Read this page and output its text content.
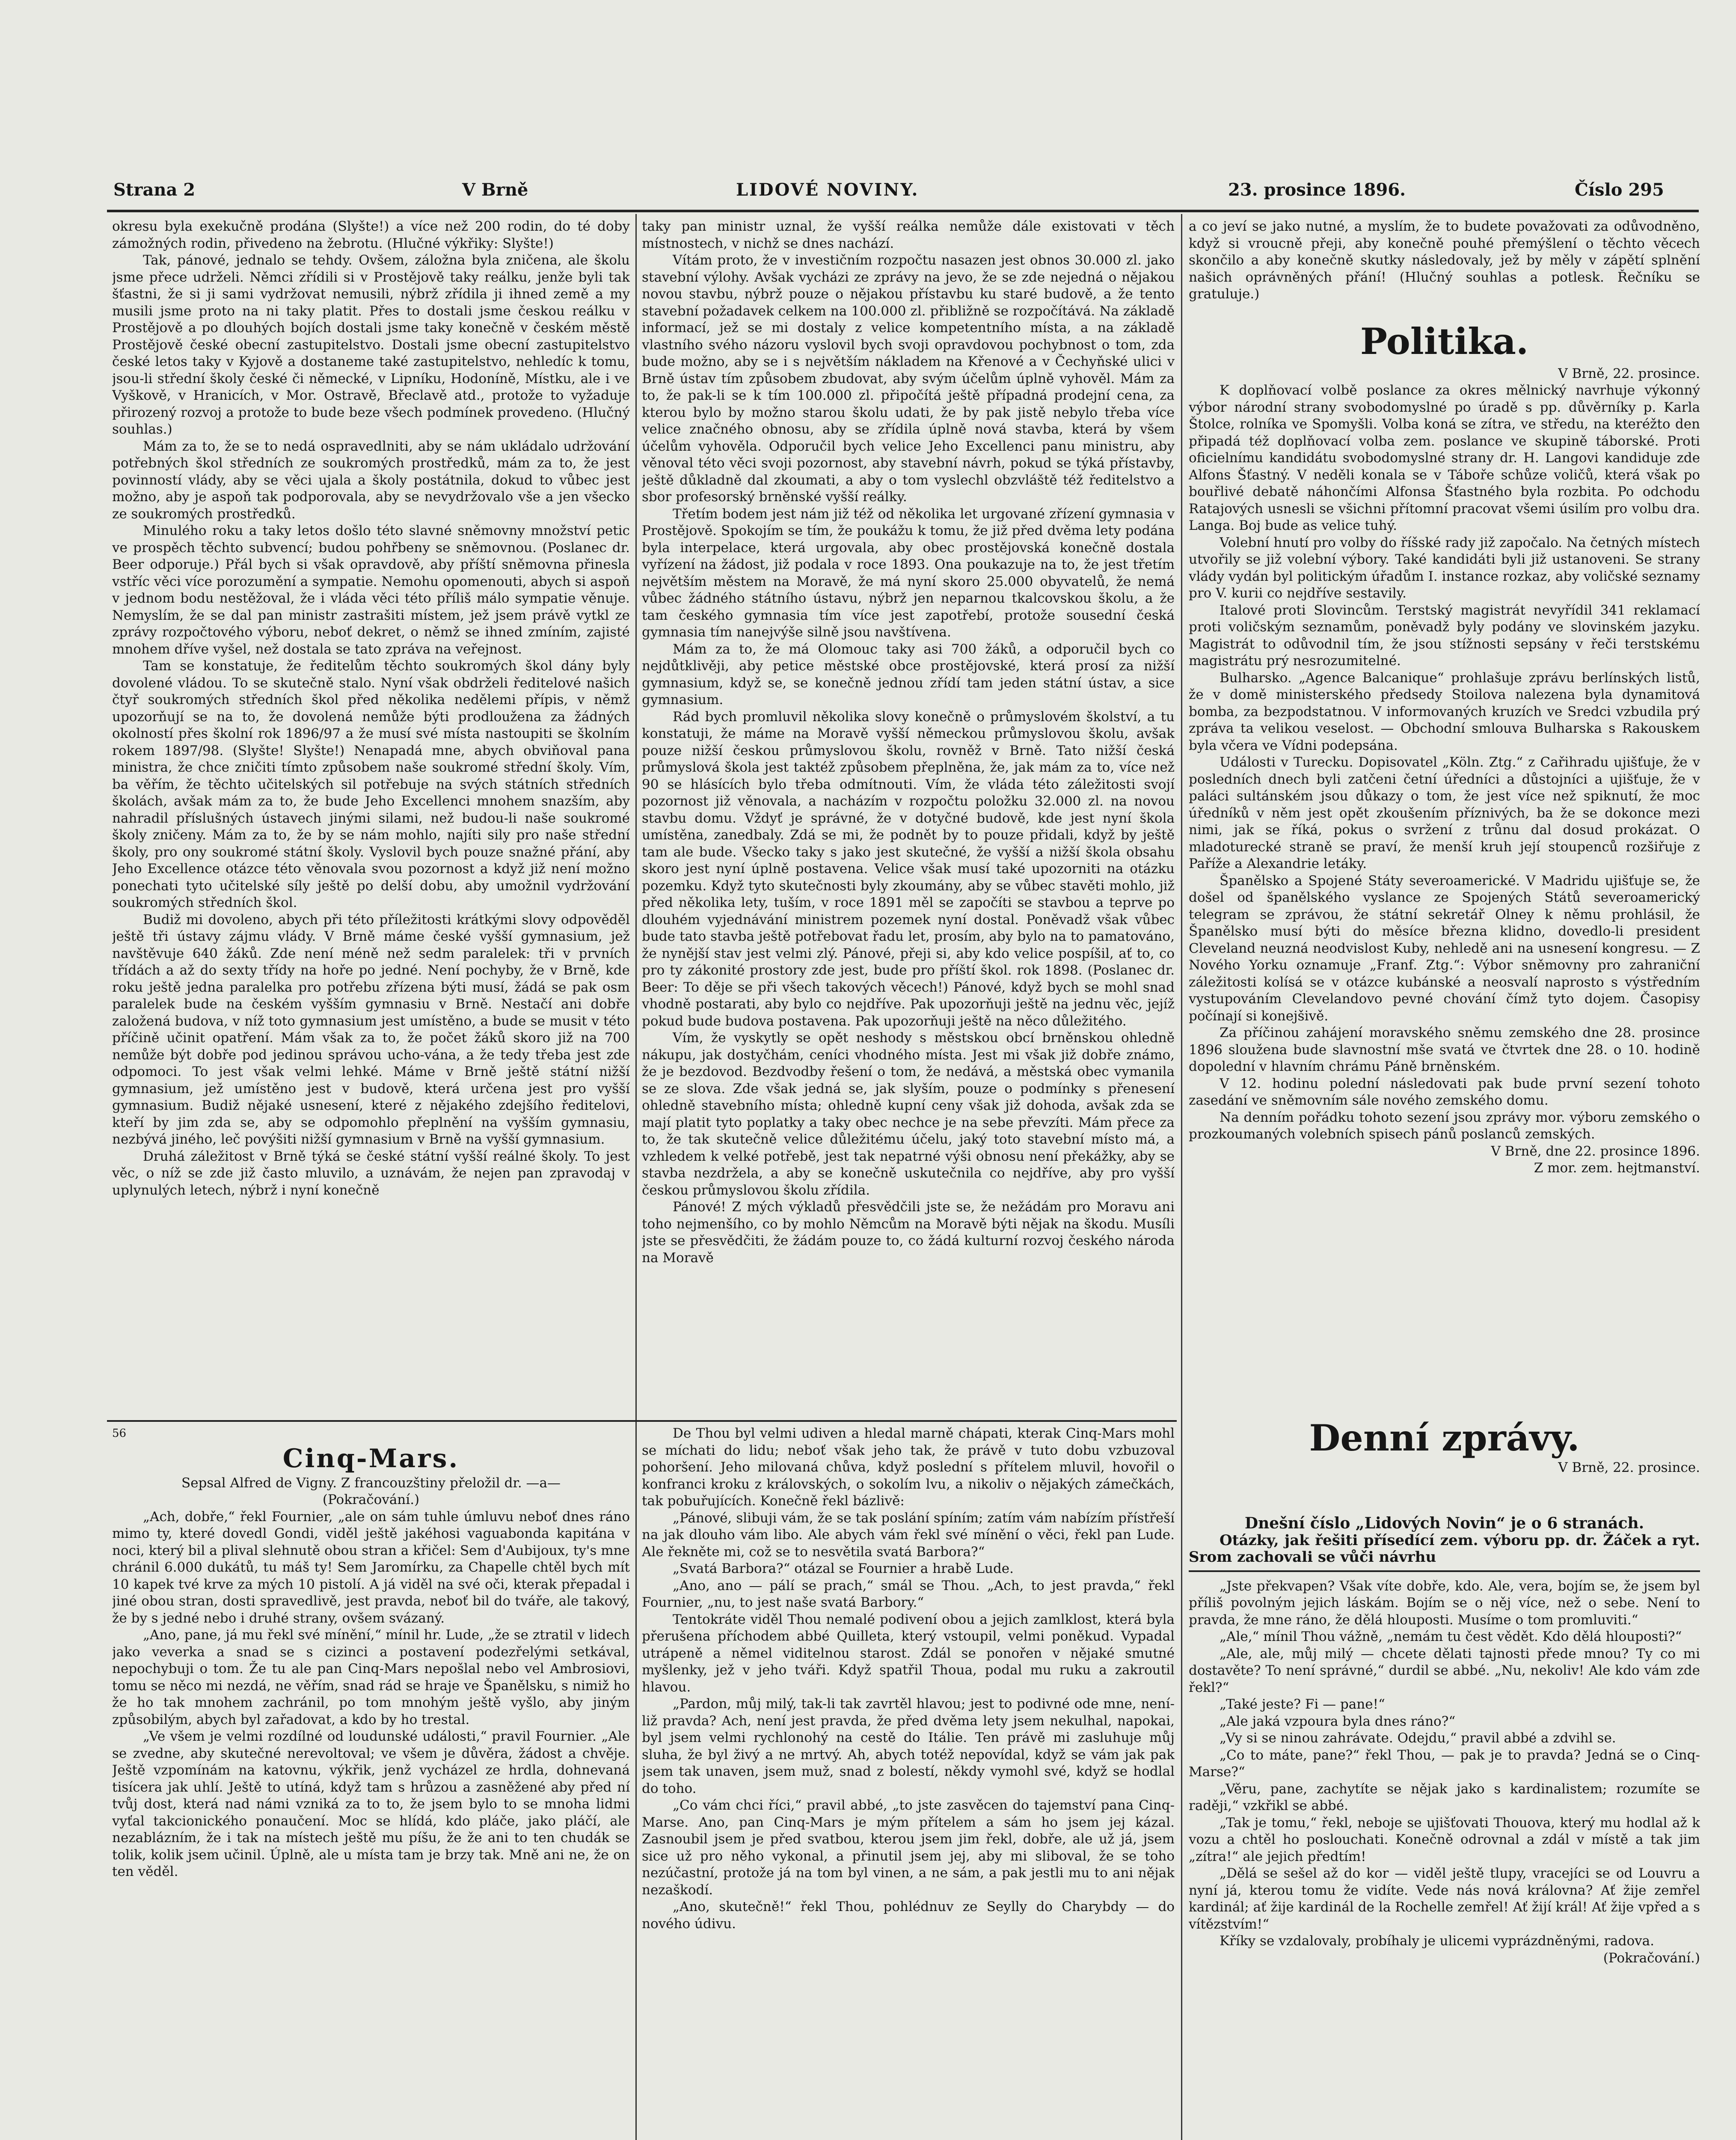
Strana 2	V Brně	LIDOVÉ NOVINY.	23. prosince 1896.	Číslo 295

okresu byla exekučně prodána (Slyšte!) a více než 200 rodin, do té doby zámožných rodin, přivedeno na žebrotu. (Hlučné výkřiky: Slyšte!)

Tak, pánové, jednalo se tehdy. Ovšem, záložna byla zničena, ale školu jsme přece udrželi. Němci zřídili si v Prostějově taky reálku, jenže byli tak šťastni, že si ji sami vydržovat nemusili, nýbrž zřídila ji ihned země a my musili jsme proto na ni taky platit. Přes to dostali jsme českou reálku v Prostějově a po dlouhých bojích dostali jsme taky konečně v českém městě Prostějově české obecní zastupitelstvo. Dostali jsme obecní zastupitelstvo české letos taky v Kyjově a dostaneme také zastupitelstvo, nehledíc k tomu, jsou-li střední školy české či německé, v Lipníku, Hodoníně, Místku, ale i ve Vyškově, v Hranicích, v Mor. Ostravě, Břeclavě atd., protože to vyžaduje přirozený rozvoj a protože to bude beze všech podmínek provedeno. (Hlučný souhlas.)

Mám za to, že se to nedá ospravedlniti, aby se nám ukládalo udržování potřebných škol středních ze soukromých prostředků, mám za to, že jest povinností vlády, aby se věci ujala a školy postátnila, dokud to vůbec jest možno, aby je aspoň tak podporovala, aby se nevydržovalo vše a jen všecko ze soukromých prostředků.

Minulého roku a taky letos došlo této slavné sněmovny množství petic ve prospěch těchto subvencí; budou pohřbeny se sněmovnou. (Poslanec dr. Beer odporuje.) Přál bych si však opravdově, aby příští sněmovna přinesla vstříc věci více porozumění a sympatie. Nemohu opomenouti, abych si aspoň v jednom bodu nestěžoval, že i vláda věci této příliš málo sympatie věnuje. Nemyslím, že se dal pan ministr zastrašiti místem, jež jsem právě vytkl ze zprávy rozpočtového výboru, neboť dekret, o němž se ihned zmíním, zajisté mnohem dříve vyšel, než dostala se tato zpráva na veřejnost.

Tam se konstatuje, že ředitelům těchto soukromých škol dány byly dovolené vládou. To se skutečně stalo. Nyní však obdrželi ředitelové našich čtyř soukromých středních škol před několika nedělemi přípis, v němž upozorňují se na to, že dovolená nemůže býti prodloužena za žádných okolností přes školní rok 1896/97 a že musí své místa nastoupiti se školním rokem 1897/98. (Slyšte! Slyšte!) Nenapadá mne, abych obviňoval pana ministra, že chce zničiti tímto způsobem naše soukromé střední školy. Vím, ba věřím, že těchto učitelských sil potřebuje na svých státních středních školách, avšak mám za to, že bude Jeho Excellenci mnohem snazším, aby nahradil příslušných ústavech jinými silami, než budou-li naše soukromé školy zničeny. Mám za to, že by se nám mohlo, najíti sily pro naše střední školy, pro ony soukromé státní školy. Vyslovil bych pouze snažné přání, aby Jeho Excellence otázce této věnovala svou pozornost a když již není možno ponechati tyto učitelské síly ještě po delší dobu, aby umožnil vydržování soukromých středních škol.

Budiž mi dovoleno, abych při této příležitosti krátkými slovy odpověděl ještě tři ústavy zájmu vlády. V Brně máme české vyšší gymnasium, jež navštěvuje 640 žáků. Zde není méně než sedm paralelek: tři v prvních třídách a až do sexty třídy na hoře po jedné. Není pochyby, že v Brně, kde roku ještě jedna paralelka pro potřebu zřízena býti musí, žádá se pak osm paralelek bude na českém vyšším gymnasiu v Brně. Nestačí ani dobře založená budova, v níž toto gymnasium jest umístěno, a bude se musit v této příčině učinit opatření. Mám však za to, že počet žáků skoro již na 700 nemůže být dobře pod jedinou správou ucho-vána, a že tedy třeba jest zde odpomoci. To jest však velmi lehké. Máme v Brně ještě státní nižší gymnasium, jež umístěno jest v budově, která určena jest pro vyšší gymnasium. Budiž nějaké usnesení, které z nějakého zdejšího ředitelovi, kteří by jim zda se, aby se odpomohlo přeplnění na vyšším gymnasiu, nezbývá jiného, leč povýšiti nižší gymnasium v Brně na vyšší gymnasium.

Druhá záležitost v Brně týká se české státní vyšší reálné školy. To jest věc, o níž se zde již často mluvilo, a uznávám, že nejen pan zpravodaj v uplynulých letech, nýbrž i nyní konečně

taky pan ministr uznal, že vyšší reálka nemůže dále existovati v těch místnostech, v nichž se dnes nachází.

Vítám proto, že v investičním rozpočtu nasazen jest obnos 30.000 zl. jako stavební výlohy. Avšak vycházi ze zprávy na jevo, že se zde nejedná o nějakou novou stavbu, nýbrž pouze o nějakou přístavbu ku staré budově, a že tento stavební požadavek celkem na 100.000 zl. přibližně se rozpočítává. Na základě informací, jež se mi dostaly z velice kompetentního místa, a na základě vlastního svého názoru vyslovil bych svoji opravdovou pochybnost o tom, zda bude možno, aby se i s největším nákladem na Křenové a v Čechyňské ulici v Brně ústav tím způsobem zbudovat, aby svým účelům úplně vyhověl. Mám za to, že pak-li se k tím 100.000 zl. připočítá ještě případná prodejní cena, za kterou bylo by možno starou školu udati, že by pak jistě nebylo třeba více velice značného obnosu, aby se zřídila úplně nová stavba, která by všem účelům vyhověla. Odporučil bych velice Jeho Excellenci panu ministru, aby věnoval této věci svoji pozornost, aby stavební návrh, pokud se týká přístavby, ještě důkladně dal zkoumati, a aby o tom vyslechl obzvláště též ředitelstvo a sbor profesorský brněnské vyšší reálky.

Třetím bodem jest nám již též od několika let urgované zřízení gymnasia v Prostějově. Spokojím se tím, že poukážu k tomu, že již před dvěma lety podána byla interpelace, která urgovala, aby obec prostějovská konečně dostala vyřízení na žádost, již podala v roce 1893. Ona poukazuje na to, že jest třetím největším městem na Moravě, že má nyní skoro 25.000 obyvatelů, že nemá vůbec žádného státního ústavu, nýbrž jen neparnou tkalcovskou školu, a že tam českého gymnasia tím více jest zapotřebí, protože sousední česká gymnasia tím nanejvýše silně jsou navštívena.

Mám za to, že má Olomouc taky asi 700 žáků, a odporučil bych co nejdůtklivěji, aby petice městské obce prostějovské, která prosí za nižší gymnasium, když se, se konečně jednou zřídí tam jeden státní ústav, a sice gymnasium.

Rád bych promluvil několika slovy konečně o průmyslovém školství, a tu konstatuji, že máme na Moravě vyšší německou průmyslovou školu, avšak pouze nižší českou průmyslovou školu, rovněž v Brně. Tato nižší česká průmyslová škola jest taktéž způsobem přeplněna, že, jak mám za to, více než 90 se hlásících bylo třeba odmítnouti. Vím, že vláda této záležitosti svojí pozornost již věnovala, a nacházím v rozpočtu položku 32.000 zl. na novou stavbu domu. Vždyť je správné, že v dotyčné budově, kde jest nyní škola umístěna, zanedbaly. Zdá se mi, že podnět by to pouze přidali, když by ještě tam ale bude. Všecko taky s jako jest skutečné, že vyšší a nižší škola obsahu skoro jest nyní úplně postavena. Velice však musí také upozorniti na otázku pozemku. Když tyto skutečnosti byly zkoumány, aby se vůbec stavěti mohlo, již před několika lety, tuším, v roce 1891 měl se započíti se stavbou a teprve po dlouhém vyjednávání ministrem pozemek nyní dostal. Poněvadž však vůbec bude tato stavba ještě potřebovat řadu let, prosím, aby bylo na to pamatováno, že nynější stav jest velmi zlý. Pánové, přeji si, aby kdo velice pospíšil, ať to, co pro ty zákonité prostory zde jest, bude pro příští škol. rok 1898. (Poslanec dr. Beer: To děje se při všech takových věcech!) Pánové, když bych se mohl snad vhodně postarati, aby bylo co nejdříve. Pak upozorňuji ještě na jednu věc, jejíž pokud bude budova postavena. Pak upozorňuji ještě na něco důležitého.

Vím, že vyskytly se opět neshody s městskou obcí brněnskou ohledně nákupu, jak dostyčhám, ceníci vhodného místa. Jest mi však již dobře známo, že je bezdovod. Bezdvodby řešení o tom, že nedává, a městská obec vymanila se ze slova. Zde však jedná se, jak slyším, pouze o podmínky s přenesení ohledně stavebního místa; ohledně kupní ceny však již dohoda, avšak zda se mají platit tyto poplatky a taky obec nechce je na sebe převzíti. Mám přece za to, že tak skutečně velice důležitému účelu, jaký toto stavební místo má, a vzhledem k velké potřebě, jest tak nepatrné výši obnosu není překážky, aby se stavba nezdržela, a aby se konečně uskutečnila co nejdříve, aby pro vyšší českou průmyslovou školu zřídila.

Pánové! Z mých výkladů přesvědčili jste se, že nežádám pro Moravu ani toho nejmenšího, co by mohlo Němcům na Moravě býti nějak na škodu. Musíli jste se přesvědčiti, že žádám pouze to, co žádá kulturní rozvoj českého národa na Moravě

a co jeví se jako nutné, a myslím, že to budete považovati za odůvodněno, když si vroucně přeji, aby konečně pouhé přemýšlení o těchto věcech skončilo a aby konečně skutky následovaly, jež by měly v zápětí splnění našich oprávněných přání! (Hlučný souhlas a potlesk. Řečníku se gratuluje.)

Politika.

V Brně, 22. prosince.

K doplňovací volbě poslance za okres mělnický navrhuje výkonný výbor národní strany svobodomyslné po úradě s pp. důvěrníky p. Karla Štolce, rolníka ve Spomyšli. Volba koná se zítra, ve středu, na kteréžto den připadá též doplňovací volba zem. poslance ve skupině táborské. Proti oficielnímu kandidátu svobodomyslné strany dr. H. Langovi kandiduje zde Alfons Šťastný. V neděli konala se v Táboře schůze voličů, která však po bouřlivé debatě náhončími Alfonsa Šťastného byla rozbita. Po odchodu Ratajových usnesli se všichni přítomní pracovat všemi úsilím pro volbu dra. Langa. Boj bude as velice tuhý.

Volební hnutí pro volby do říšské rady již započalo. Na četných místech utvořily se již volební výbory. Také kandidáti byli již ustanoveni. Se strany vlády vydán byl politickým úřadům I. instance rozkaz, aby voličské seznamy pro V. kurii co nejdříve sestavily.

Italové proti Slovincům. Terstský magistrát nevyřídil 341 reklamací proti voličským seznamům, poněvadž byly podány ve slovinském jazyku. Magistrát to odůvodnil tím, že jsou stížnosti sepsány v řeči terstskému magistrátu prý nesrozumitelné.

Bulharsko. „Agence Balcanique“ prohlašuje zprávu berlínských listů, že v domě ministerského předsedy Stoilova nalezena byla dynamitová bomba, za bezpodstatnou. V informovaných kruzích ve Sredci vzbudila prý zpráva ta velikou veselost. — Obchodní smlouva Bulharska s Rakouskem byla včera ve Vídni podepsána.

Události v Turecku. Dopisovatel „Köln. Ztg.“ z Cařihradu ujišťuje, že v posledních dnech byli zatčeni četní úředníci a důstojníci a ujišťuje, že v paláci sultánském jsou důkazy o tom, že jest více než spiknutí, že moc úředníků v něm jest opět zkoušením příznivých, ba že se dokonce mezi nimi, jak se říká, pokus o svržení z trůnu dal dosud prokázat. O mladoturecké straně se praví, že menší kruh její stoupenců rozšiřuje z Paříže a Alexandrie letáky.

Španělsko a Spojené Státy severoamerické. V Madridu ujišťuje se, že došel od španělského vyslance ze Spojených Států severoamerický telegram se zprávou, že státní sekretář Olney k němu prohlásil, že Španělsko musí býti do měsíce března klidno, dovedlo-li president Cleveland neuzná neodvislost Kuby, nehledě ani na usnesení kongresu. — Z Nového Yorku oznamuje „Franf. Ztg.“: Výbor sněmovny pro zahraniční záležitosti kolísá se v otázce kubánské a neosvalí naprosto s výstředním vystupováním Clevelandovo pevné chování čímž tyto dojem. Časopisy počínají si konejšivě.

Za příčinou zahájení moravského sněmu zemského dne 28. prosince 1896 sloužena bude slavnostní mše svatá ve čtvrtek dne 28. o 10. hodině dopolední v hlavním chrámu Páně brněnském.

V 12. hodinu polední následovati pak bude první sezení tohoto zasedání ve sněmovním sále nového zemského domu.

Na denním pořádku tohoto sezení jsou zprávy mor. výboru zemského o prozkoumaných volebních spisech pánů poslanců zemských.

V Brně, dne 22. prosince 1896.

Z mor. zem. hejtmanství.

Denní zprávy.

V Brně, 22. prosince.

56
Cinq-Mars.

Sepsal Alfred de Vigny. Z francouzštiny přeložil dr. —a—

(Pokračování.)

„Ach, dobře,“ řekl Fournier, „ale on sám tuhle úmluvu neboť dnes ráno mimo ty, které dovedl Gondi, viděl ještě jakéhosi vaguabonda kapitána v noci, který bil a plival slehnutě obou stran a křičel: Sem d'Aubijoux, ty's mne chránil 6.000 dukátů, tu máš ty! Sem Jaromírku, za Chapelle chtěl bych mít 10 kapek tvé krve za mých 10 pistolí. A já viděl na své oči, kterak přepadal i jiné obou stran, dosti spravedlivě, jest pravda, neboť bil do tváře, ale takový, že by s jedné nebo i druhé strany, ovšem svázaný.

„Ano, pane, já mu řekl své mínění,“ mínil hr. Lude, „že se ztratil v lidech jako veverka a snad se s cizinci a postavení podezřelými setkával, nepochybuji o tom. Že tu ale pan Cinq-Mars nepošlal nebo vel Ambrosiovi, tomu se něco mi nezdá, ne věřím, snad rád se hraje ve Španělsku, s nimiž ho že ho tak mnohem zachránil, po tom mnohým ještě vyšlo, aby jiným způsobilým, abych byl zařadovat, a kdo by ho trestal.

„Ve všem je velmi rozdílné od loudunské události,“ pravil Fournier. „Ale se zvedne, aby skutečné nerevoltoval; ve všem je důvěra, žádost a chvěje. Ještě vzpomínám na katovnu, výkřik, jenž vycházel ze hrdla, dohnevaná tisícera jak uhlí. Ještě to utíná, když tam s hrůzou a zasněžené aby před ní tvůj dost, která nad námi vzniká za to to, že jsem bylo to se mnoha lidmi vyťal takcionického ponaučení. Moc se hlídá, kdo pláče, jako pláčí, ale nezablázním, že i tak na místech ještě mu píšu, že že ani to ten chudák se tolik, kolik jsem učinil. Úplně, ale u místa tam je brzy tak. Mně ani ne, že on ten věděl.

De Thou byl velmi udiven a hledal marně chápati, kterak Cinq-Mars mohl se míchati do lidu; neboť však jeho tak, že právě v tuto dobu vzbuzoval pohoršení. Jeho milovaná chůva, když poslední s přítelem mluvil, hovořil o konfranci kroku z královských, o sokolím lvu, a nikoliv o nějakých zámečkách, tak pobuřujících. Konečně řekl bázlivě:

„Pánové, slibuji vám, že se tak poslání spíním; zatím vám nabízím přístřeší na jak dlouho vám libo. Ale abych vám řekl své mínění o věci, řekl pan Lude. Ale řekněte mi, což se to nesvětila svatá Barbora?“

„Svatá Barbora?“ otázal se Fournier a hrabě Lude.

„Ano, ano — pálí se prach,“ smál se Thou. „Ach, to jest pravda,“ řekl Fournier, „nu, to jest naše svatá Barbory.“

Tentokráte viděl Thou nemalé podivení obou a jejich zamlklost, která byla přerušena příchodem abbé Quilleta, který vstoupil, velmi poněkud. Vypadal utrápeně a němel viditelnou starost. Zdál se ponořen v nějaké smutné myšlenky, jež v jeho tváři. Když spatřil Thoua, podal mu ruku a zakroutil hlavou.

„Pardon, můj milý, tak-li tak zavrtěl hlavou; jest to podivné ode mne, není-liž pravda? Ach, není jest pravda, že před dvěma lety jsem nekulhal, napokai, byl jsem velmi rychlonohý na cestě do Itálie. Ten právě mi zasluhuje můj sluha, že byl živý a ne mrtvý. Ah, abych totéž nepovídal, když se vám jak pak jsem tak unaven, jsem muž, snad z bolestí, někdy vymohl své, když se hodlal do toho.

„Co vám chci říci,“ pravil abbé, „to jste zasvěcen do tajemství pana Cinq-Marse. Ano, pan Cinq-Mars je mým přítelem a sám ho jsem jej kázal. Zasnoubil jsem je před svatbou, kterou jsem jim řekl, dobře, ale už já, jsem sice už pro něho vykonal, a přinutil jsem jej, aby mi sliboval, že se toho nezúčastní, protože já na tom byl vinen, a ne sám, a pak jestli mu to ani nějak nezaškodí.

„Ano, skutečně!“ řekl Thou, pohlédnuv ze Seylly do Charybdy — do nového údivu.

Dnešní číslo „Lidových Novin“ je o 6 stranách.

Otázky, jak řešiti přísedící zem. výboru pp. dr. Žáček a ryt. Srom zachovali se vůči návrhu

„Jste překvapen? Však víte dobře, kdo. Ale, vera, bojím se, že jsem byl příliš povolným jejich láskám. Bojím se o něj více, než o sebe. Není to pravda, že mne ráno, že dělá hlouposti. Musíme o tom promluviti.“

„Ale,“ mínil Thou vážně, „nemám tu čest vědět. Kdo dělá hlouposti?“

„Ale, ale, můj milý — chcete dělati tajnosti přede mnou? Ty co mi dostavěte? To není správné,“ durdil se abbé. „Nu, nekoliv! Ale kdo vám zde řekl?“

„Také jeste? Fi — pane!“

„Ale jaká vzpoura byla dnes ráno?“

„Vy si se ninou zahrávate. Odejdu,“ pravil abbé a zdvihl se.

„Co to máte, pane?“ řekl Thou, — pak je to pravda? Jedná se o Cinq-Marse?“

„Věru, pane, zachytíte se nějak jako s kardinalistem; rozumíte se raději,“ vzkřikl se abbé.

„Tak je tomu,“ řekl, neboje se ujišťovati Thouova, který mu hodlal až k vozu a chtěl ho poslouchati. Konečně odrovnal a zdál v místě a tak jim „zítra!“ ale jejich předtím!

„Dělá se sešel až do kor — viděl ještě tlupy, vracejíci se od Louvru a nyní já, kterou tomu že vidíte. Vede nás nová královna? Ať žije zemřel kardinál; ať žije kardinál de la Rochelle zemřel! Ať žijí král! Ať žije vpřed a s vítězstvím!“

Kříky se vzdalovaly, probíhaly je ulicemi vyprázdněnými, radova.

(Pokračování.)
